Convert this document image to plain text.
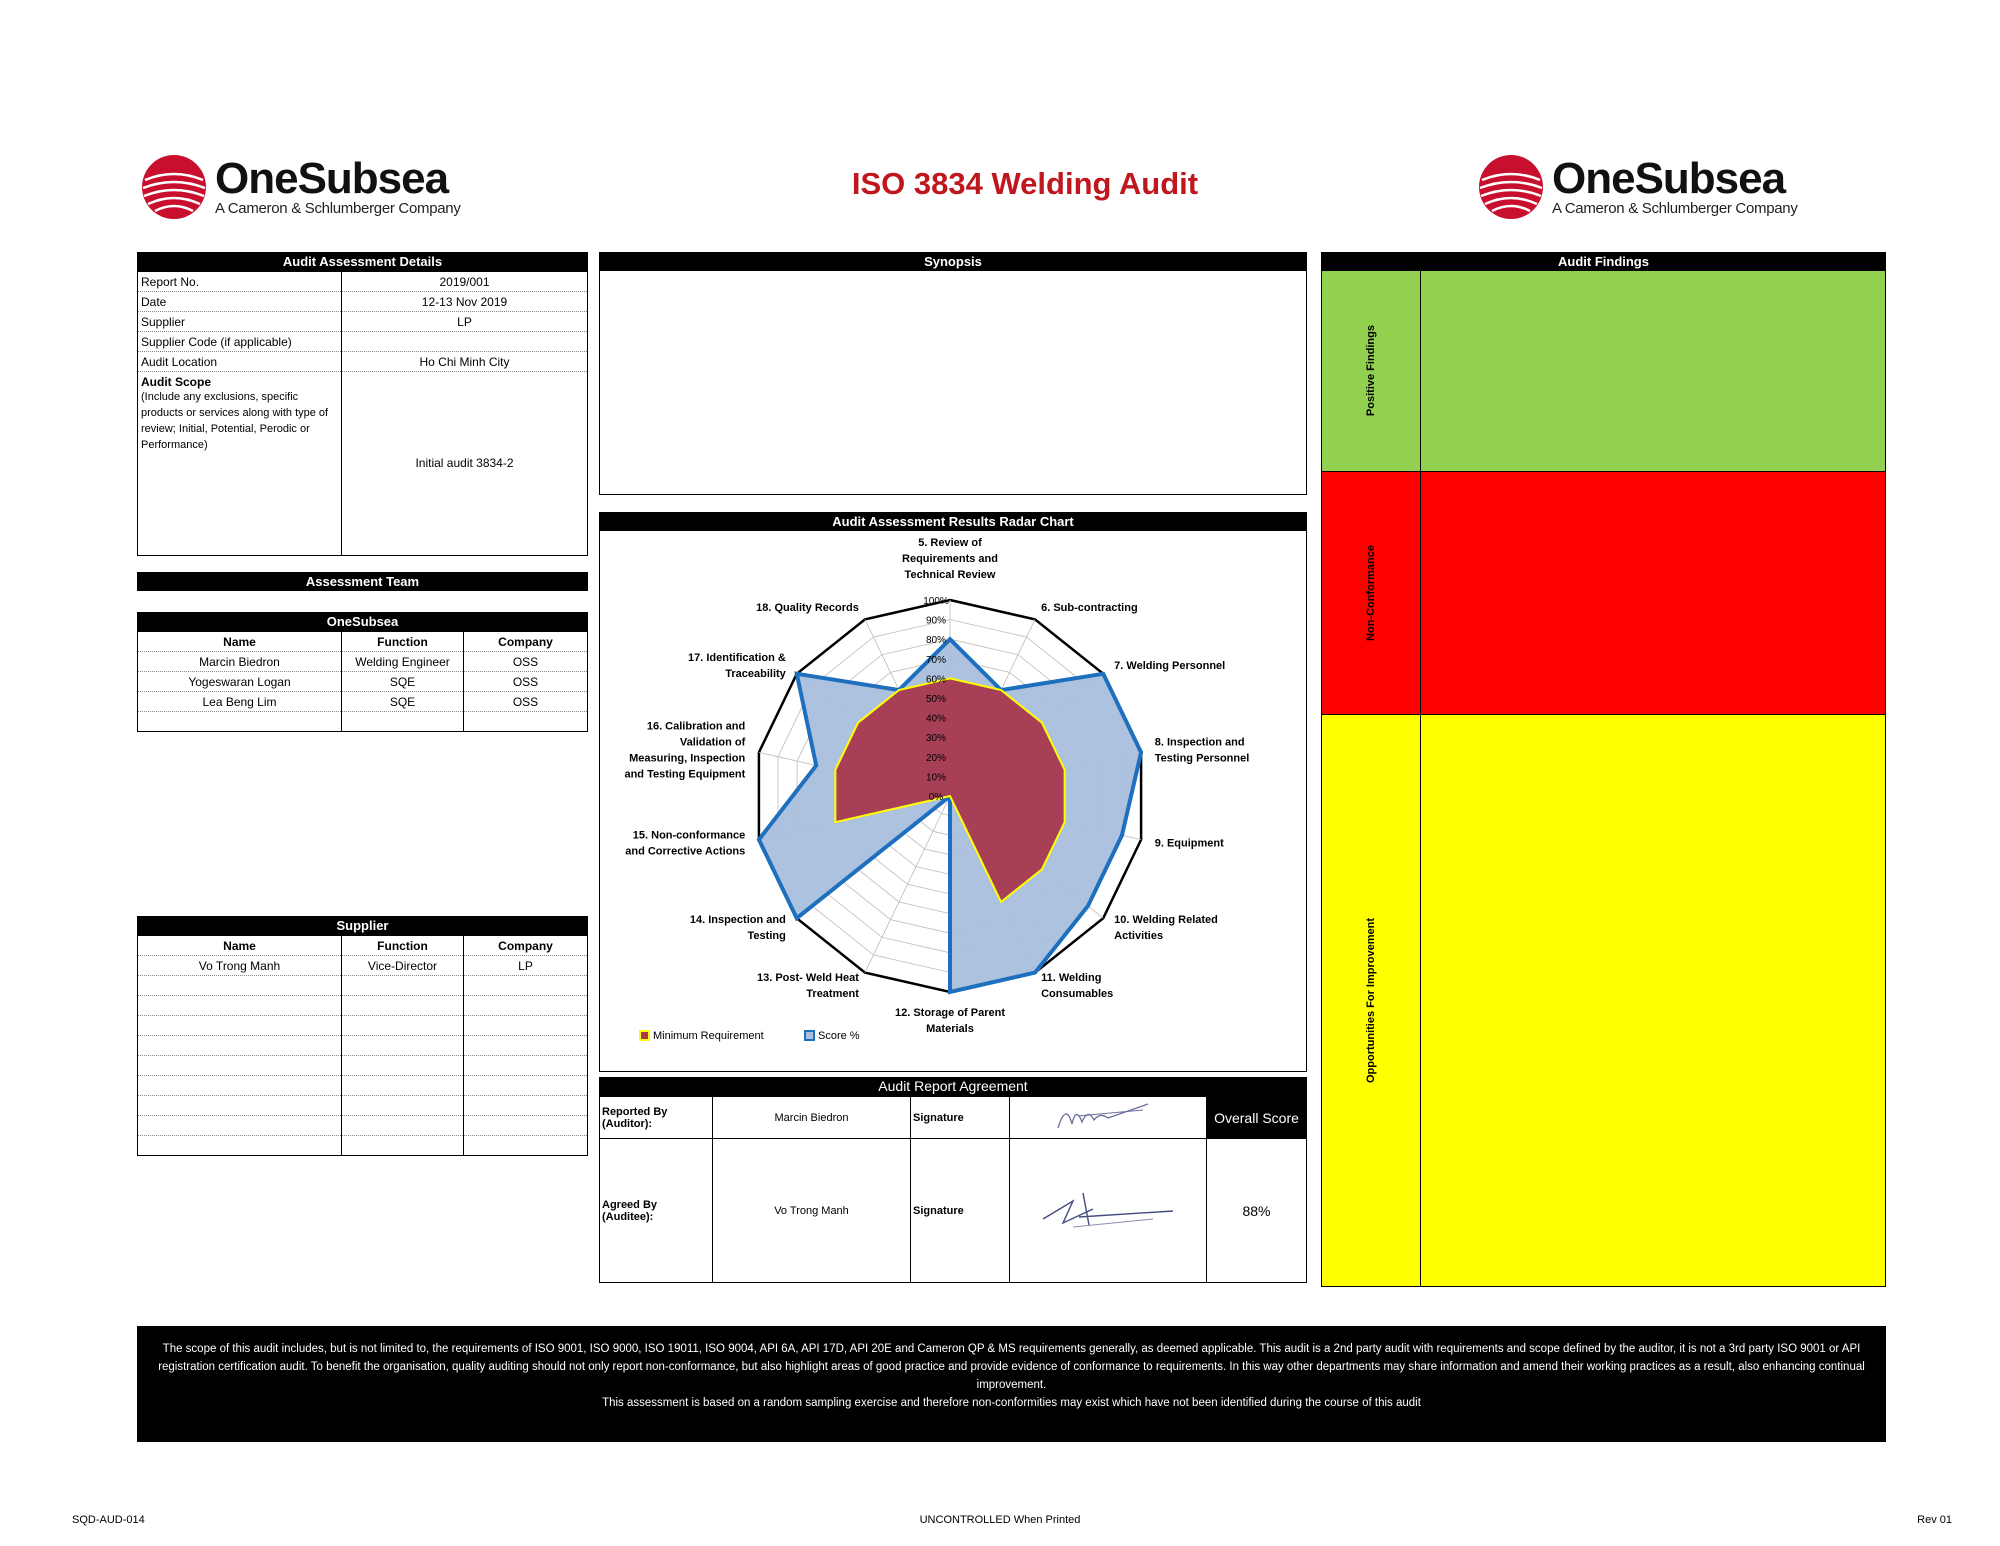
OneSubsea
A Cameron & Schlumberger Company
ISO 3834 Welding Audit	OneSubsea
A Cameron & Schlumberger Company
Audit Assessment Details
Report No.	2019/001
Date	12-13 Nov 2019
Supplier	LP
Supplier Code (if applicable)	
Audit Location	Ho Chi Minh City

Audit Scope
(Include any exclusions, specific products or services along with type of review; Initial, Potential, Perodic or Performance)	Initial audit 3834-2
Assessment Team
OneSubsea
Name	Function	Company
Marcin Biedron	Welding Engineer	OSS
Yogeswaran Logan	SQE	OSS
Lea Beng Lim	SQE	OSS

Supplier
Name	Function	Company
Vo Trong Manh	Vice-Director	LP

Synopsis
Audit Assessment Results Radar Chart
0%
10%
20%
30%
40%
50%
60%
70%
80%
90%
100%
5. Review of Requirements and Technical Review
6. Sub-contracting
7. Welding Personnel
8. Inspection and Testing Personnel
9. Equipment
10. Welding Related Activities
11. Welding Consumables
12. Storage of Parent Materials
13. Post- Weld Heat Treatment
14. Inspection and Testing
15. Non-conformance and Corrective Actions
16. Calibration and Validation of Measuring, Inspection and Testing Equipment
17. Identification & Traceability
18. Quality Records
Minimum Requirement	Score %
Audit Report Agreement
Reported By (Auditor):	Marcin Biedron	Signature		Overall Score
Agreed By (Auditee):	Vo Trong Manh	Signature		88%
Audit Findings
Positive Findings
Non-Conformance
Opportunities For Improvement
The scope of this audit includes, but is not limited to, the requirements of ISO 9001, ISO 9000, ISO 19011, ISO 9004, API 6A, API 17D, API 20E and Cameron QP & MS requirements generally, as deemed applicable. This audit is a 2nd party audit with requirements and scope defined by the auditor, it is not a 3rd party ISO 9001 or API registration certification audit. To benefit the organisation, quality auditing should not only report non-conformance, but also highlight areas of good practice and provide evidence of conformance to requirements. In this way other departments may share information and amend their working practices as a result, also enhancing continual improvement.
This assessment is based on a random sampling exercise and therefore non-conformities may exist which have not been identified during the course of this audit
SQD-AUD-014	UNCONTROLLED When Printed	Rev 01
